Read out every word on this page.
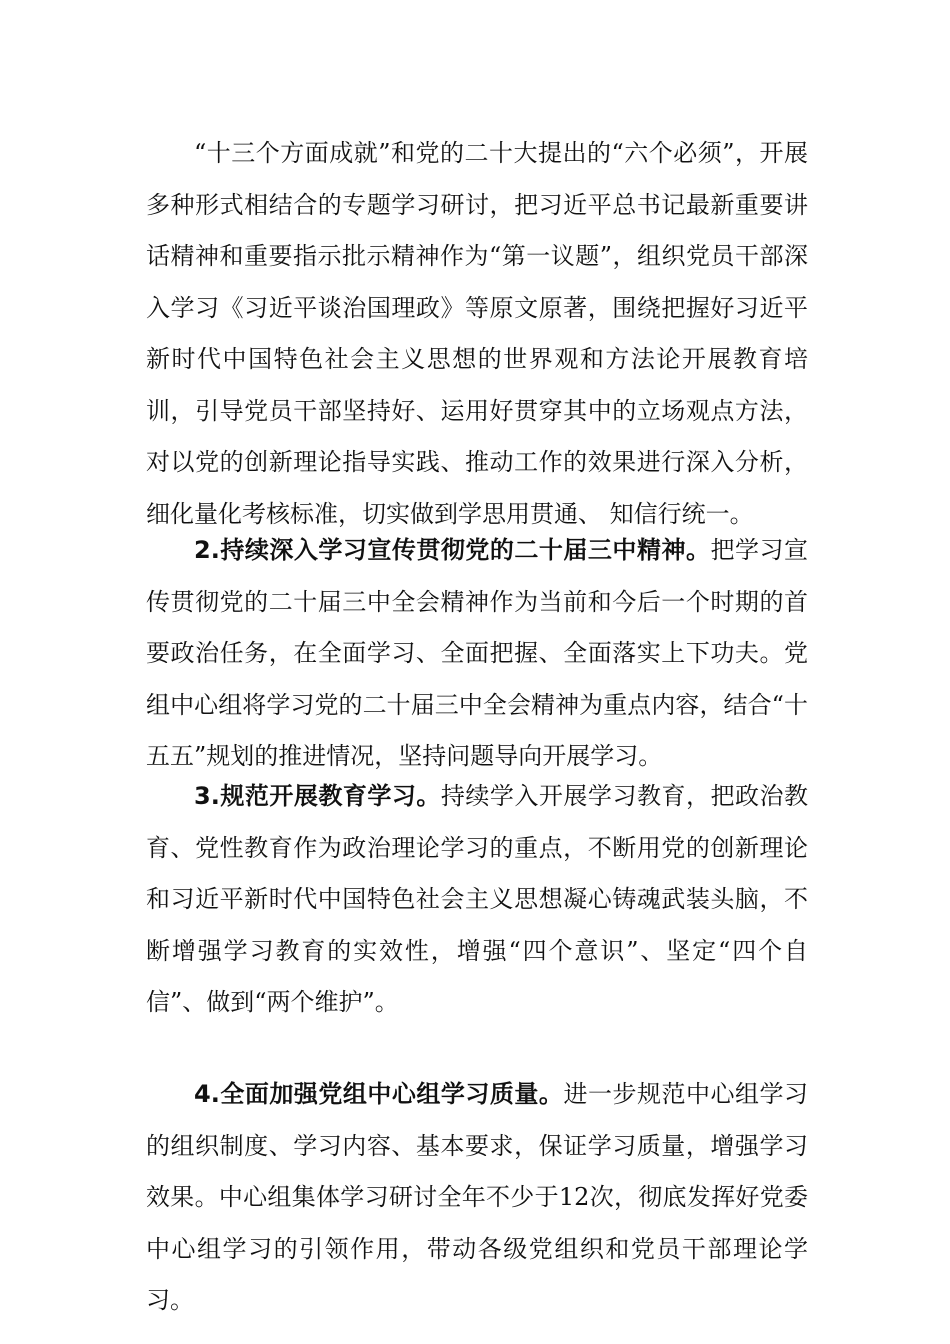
“十三个方面成就”和党的二十大提出的“六个必须”，开展多种形式相结合的专题学习研讨，把习近平总书记最新重要讲话精神和重要指示批示精神作为“第一议题”，组织党员干部深入学习《习近平谈治国理政》等原文原著，围绕把握好习近平新时代中国特色社会主义思想的世界观和方法论开展教育培训，引导党员干部坚持好、运用好贯穿其中的立场观点方法，对以党的创新理论指导实践、推动工作的效果进行深入分析，细化量化考核标准，切实做到学思用贯通、 知信行统一。

2.持续深入学习宣传贯彻党的二十届三中精神。把学习宣传贯彻党的二十届三中全会精神作为当前和今后一个时期的首要政治任务，在全面学习、全面把握、全面落实上下功夫。党组中心组将学习党的二十届三中全会精神为重点内容，结合“十五五”规划的推进情况，坚持问题导向开展学习。

3.规范开展教育学习。持续学入开展学习教育，把政治教育、党性教育作为政治理论学习的重点，不断用党的创新理论和习近平新时代中国特色社会主义思想凝心铸魂武装头脑，不断增强学习教育的实效性，增强“四个意识”、坚定“四个自信”、做到“两个维护”。

4.全面加强党组中心组学习质量。进一步规范中心组学习的组织制度、学习内容、基本要求，保证学习质量，增强学习效果。中心组集体学习研讨全年不少于12次，彻底发挥好党委中心组学习的引领作用，带动各级党组织和党员干部理论学习。
